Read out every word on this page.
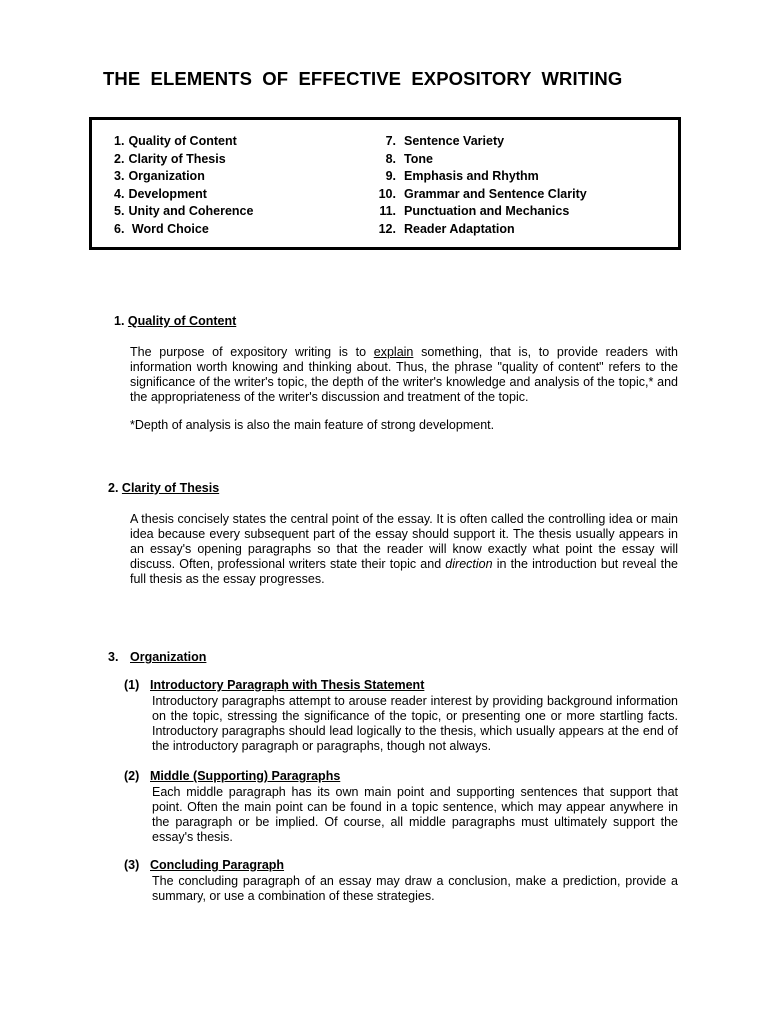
THE ELEMENTS OF EFFECTIVE EXPOSITORY WRITING
1. Quality of Content
2. Clarity of Thesis
3. Organization
4. Development
5. Unity and Coherence
6. Word Choice
7. Sentence Variety
8. Tone
9. Emphasis and Rhythm
10. Grammar and Sentence Clarity
11. Punctuation and Mechanics
12. Reader Adaptation
1. Quality of Content
The purpose of expository writing is to explain something, that is, to provide readers with information worth knowing and thinking about. Thus, the phrase "quality of content" refers to the significance of the writer's topic, the depth of the writer's knowledge and analysis of the topic,* and the appropriateness of the writer's discussion and treatment of the topic.
*Depth of analysis is also the main feature of strong development.
2. Clarity of Thesis
A thesis concisely states the central point of the essay. It is often called the controlling idea or main idea because every subsequent part of the essay should support it. The thesis usually appears in an essay's opening paragraphs so that the reader will know exactly what point the essay will discuss. Often, professional writers state their topic and direction in the introduction but reveal the full thesis as the essay progresses.
3. Organization
(1) Introductory Paragraph with Thesis Statement
Introductory paragraphs attempt to arouse reader interest by providing background information on the topic, stressing the significance of the topic, or presenting one or more startling facts. Introductory paragraphs should lead logically to the thesis, which usually appears at the end of the introductory paragraph or paragraphs, though not always.
(2) Middle (Supporting) Paragraphs
Each middle paragraph has its own main point and supporting sentences that support that point. Often the main point can be found in a topic sentence, which may appear anywhere in the paragraph or be implied. Of course, all middle paragraphs must ultimately support the essay's thesis.
(3) Concluding Paragraph
The concluding paragraph of an essay may draw a conclusion, make a prediction, provide a summary, or use a combination of these strategies.
